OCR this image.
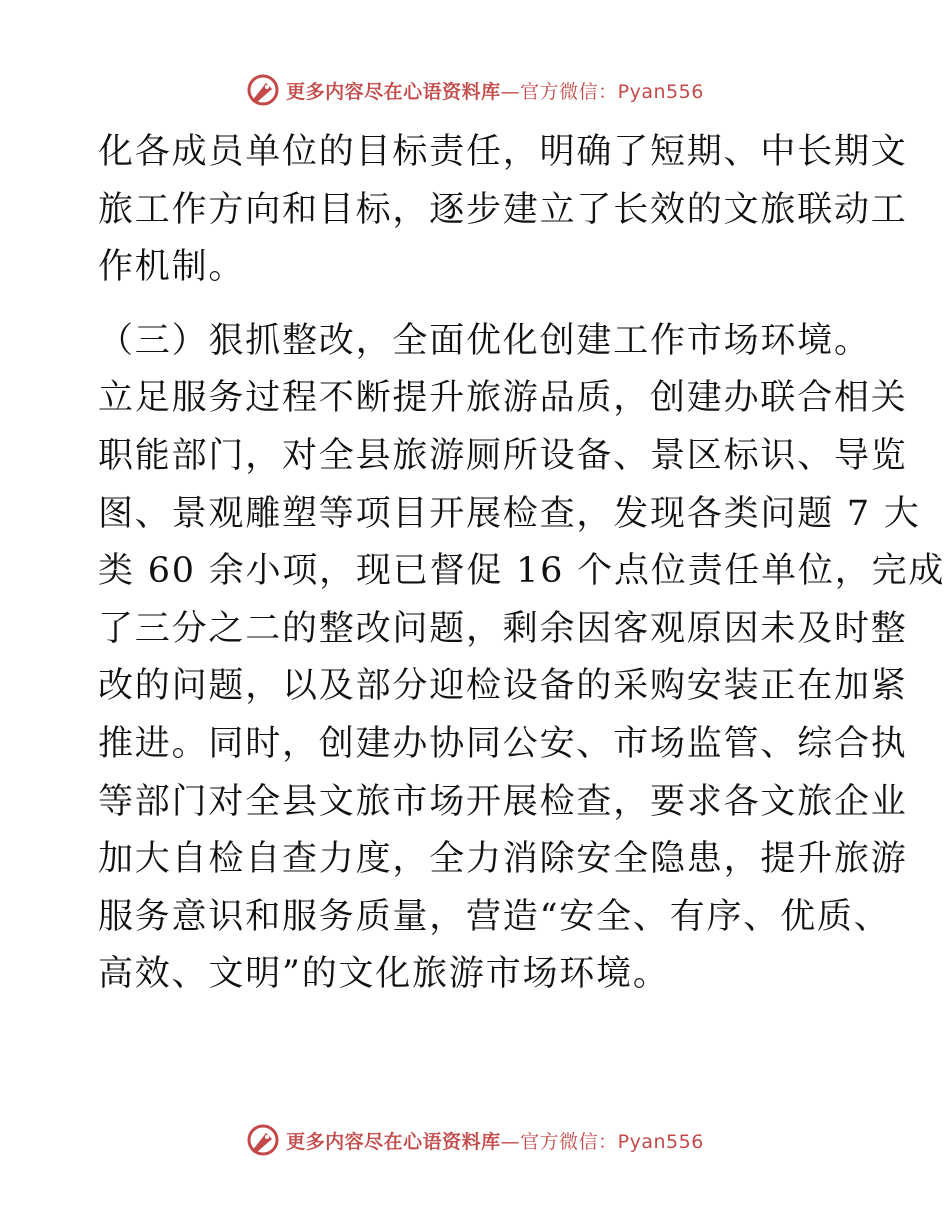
更多内容尽在心语资料库—官方微信：Pyan556

化各成员单位的目标责任，明确了短期、中长期文
旅工作方向和目标，逐步建立了长效的文旅联动工
作机制。

（三）狠抓整改，全面优化创建工作市场环境。
立足服务过程不断提升旅游品质，创建办联合相关
职能部门，对全县旅游厕所设备、景区标识、导览
图、景观雕塑等项目开展检查，发现各类问题 7 大
类 60 余小项，现已督促 16 个点位责任单位，完成
了三分之二的整改问题，剩余因客观原因未及时整
改的问题，以及部分迎检设备的采购安装正在加紧
推进。同时，创建办协同公安、市场监管、综合执
等部门对全县文旅市场开展检查，要求各文旅企业
加大自检自查力度，全力消除安全隐患，提升旅游
服务意识和服务质量，营造“安全、有序、优质、
高效、文明”的文化旅游市场环境。

更多内容尽在心语资料库—官方微信：Pyan556
